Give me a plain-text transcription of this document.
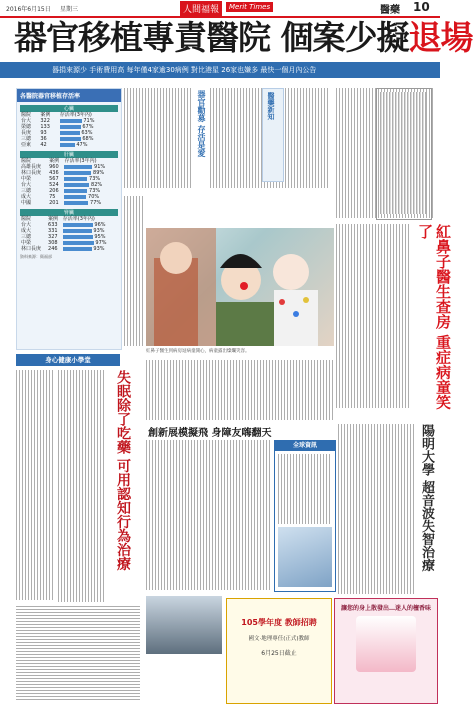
2016年6月15日 星期三	人間福報	Merit Times	醫藥 10
器官移植專責醫院 個案少擬退場
器捐來源少 手術費用高 每年僅4家逾30病例 對比港星 26家也嫌多 最快一個月內公告
各醫院器官移植存活率
心臟
醫院	案例	存活率(3年內)
台大	322	71%
榮總	133	67%
長庚	93	63%
三總	36	68%
亞東	42	47%
肝臟
醫院	案例	存活率(3年內)
高雄長庚	960	91%
林口長庚	436	89%
中榮	567	73%
台大	524	82%
三總	206	73%
成大	75	70%
中國	201	77%
腎臟
醫院	案例	存活率(3年內)
台大	633	96%
成大	331	93%
三總	327	95%
中榮	308	97%
林口長庚	246	93%
資料來源：衛福部
器官勸募 存活是愛	醫藥新知
紅鼻子醫生查房 重症病童笑了
紅鼻子醫生到病房逗病童開心，病童露出燦爛笑容。
身心健康小學堂
失眠除了吃藥 可用認知行為治療 創新展模擬飛 身障友嗨翻天
全球資訊	陽明大學 超音波失智治療
105學年度 教師招聘
國文‧地理專任(正式)教師
6月25日截止
讓您的身上散發出…迷人的檀香味
